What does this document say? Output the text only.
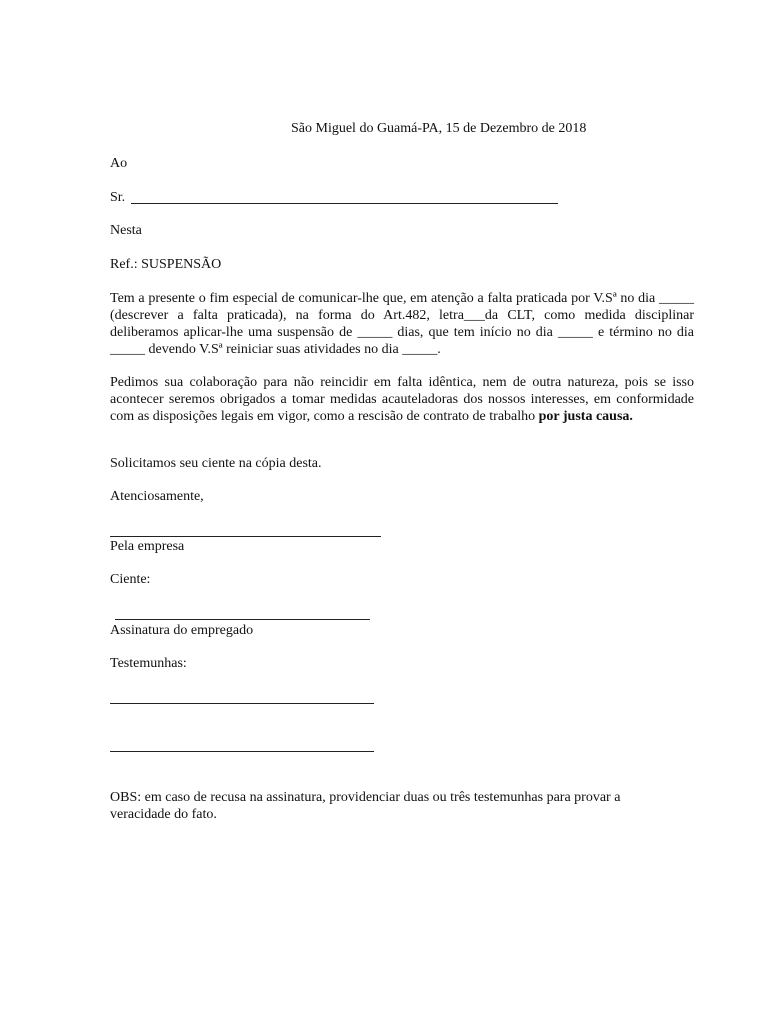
São Miguel do Guamá-PA, 15 de Dezembro de 2018
Ao
Sr.
Nesta
Ref.: SUSPENSÃO
Tem a presente o fim especial de comunicar-lhe que, em atenção a falta praticada por V.Sª no dia _____ (descrever a falta praticada), na forma do Art.482, letra___da CLT, como medida disciplinar deliberamos aplicar-lhe uma suspensão de _____ dias, que tem início no dia _____ e término no dia _____ devendo V.Sª reiniciar suas atividades no dia _____.
Pedimos sua colaboração para não reincidir em falta idêntica, nem de outra natureza, pois se isso acontecer seremos obrigados a tomar medidas acauteladoras dos nossos interesses, em conformidade com as disposições legais em vigor, como a rescisão de contrato de trabalho por justa causa.
Solicitamos seu ciente na cópia desta.
Atenciosamente,
Pela empresa
Ciente:
Assinatura do empregado
Testemunhas:
OBS: em caso de recusa na assinatura, providenciar duas ou três testemunhas para provar a
veracidade do fato.
